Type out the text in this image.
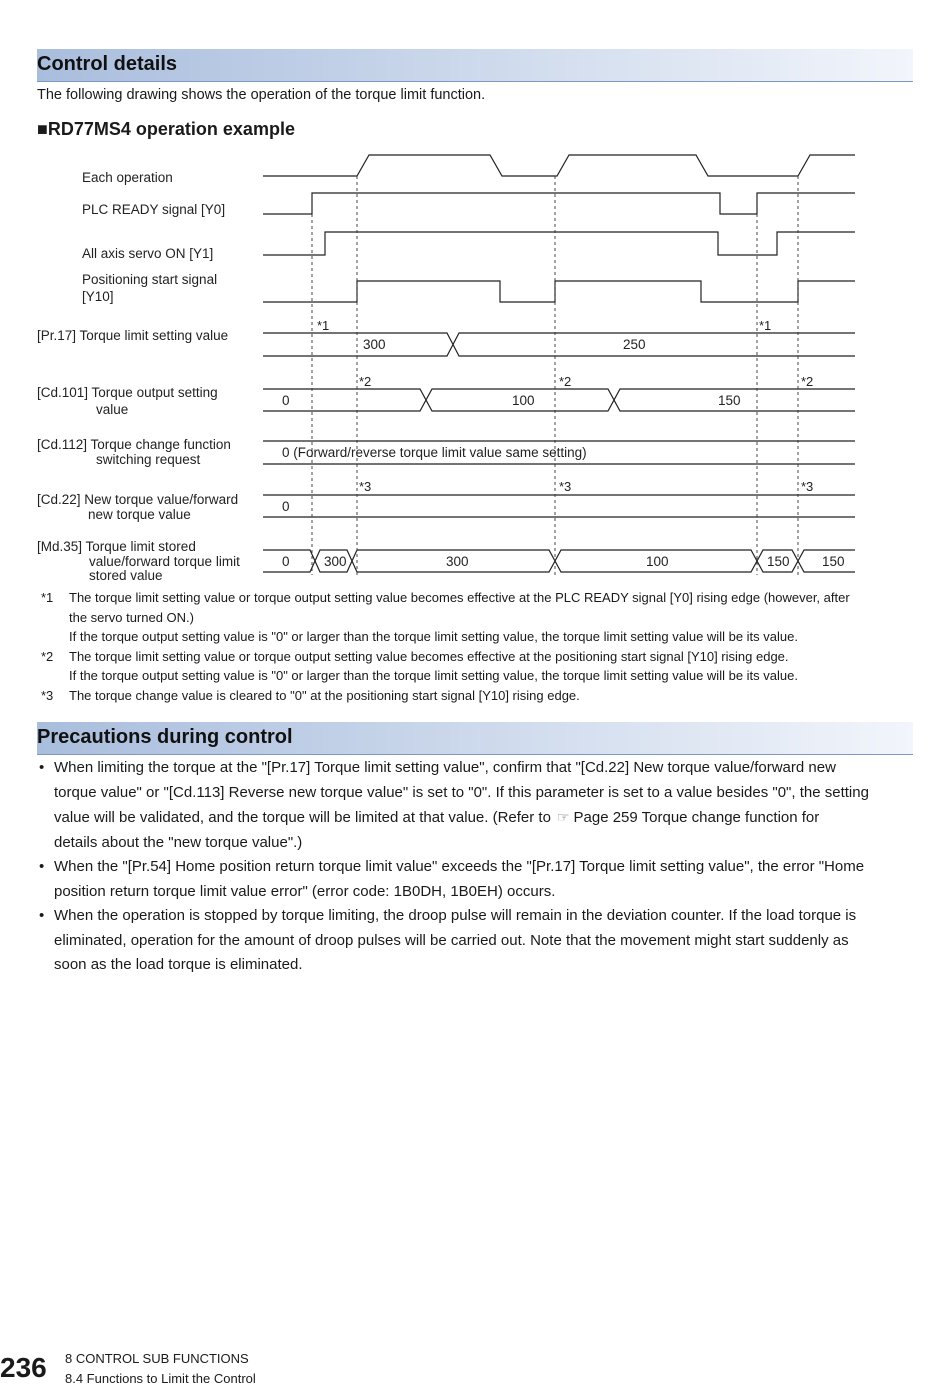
Control details
The following drawing shows the operation of the torque limit function.
■RD77MS4 operation example
Each operation
PLC READY signal [Y0]
All axis servo ON [Y1]
Positioning start signal
[Y10]
[Pr.17] Torque limit setting value
[Cd.101] Torque output setting
value
[Cd.112] Torque change function
switching request
[Cd.22] New torque value/forward
new torque value
[Md.35] Torque limit stored
value/forward torque limit
stored value
*1	*1
*2	*2	*2
*3	*3	*3
300	250
0	100	150
0 (Forward/reverse torque limit value same setting)
0
0	300	300	100	150 150
*1	The torque limit setting value or torque output setting value becomes effective at the PLC READY signal [Y0] rising edge (however, after
the servo turned ON.)
If the torque output setting value is "0" or larger than the torque limit setting value, the torque limit setting value will be its value.
*2	The torque limit setting value or torque output setting value becomes effective at the positioning start signal [Y10] rising edge.
If the torque output setting value is "0" or larger than the torque limit setting value, the torque limit setting value will be its value.
*3	The torque change value is cleared to "0" at the positioning start signal [Y10] rising edge.
Precautions during control
• When limiting the torque at the "[Pr.17] Torque limit setting value", confirm that "[Cd.22] New torque value/forward new
torque value" or "[Cd.113] Reverse new torque value" is set to "0". If this parameter is set to a value besides "0", the setting
value will be validated, and the torque will be limited at that value. (Refer to ☞ Page 259 Torque change function for
details about the "new torque value".)
• When the "[Pr.54] Home position return torque limit value" exceeds the "[Pr.17] Torque limit setting value", the error "Home
position return torque limit value error" (error code: 1B0DH, 1B0EH) occurs.
• When the operation is stopped by torque limiting, the droop pulse will remain in the deviation counter. If the load torque is
eliminated, operation for the amount of droop pulses will be carried out. Note that the movement might start suddenly as
soon as the load torque is eliminated.
236 8 CONTROL SUB FUNCTIONS
8.4 Functions to Limit the Control
